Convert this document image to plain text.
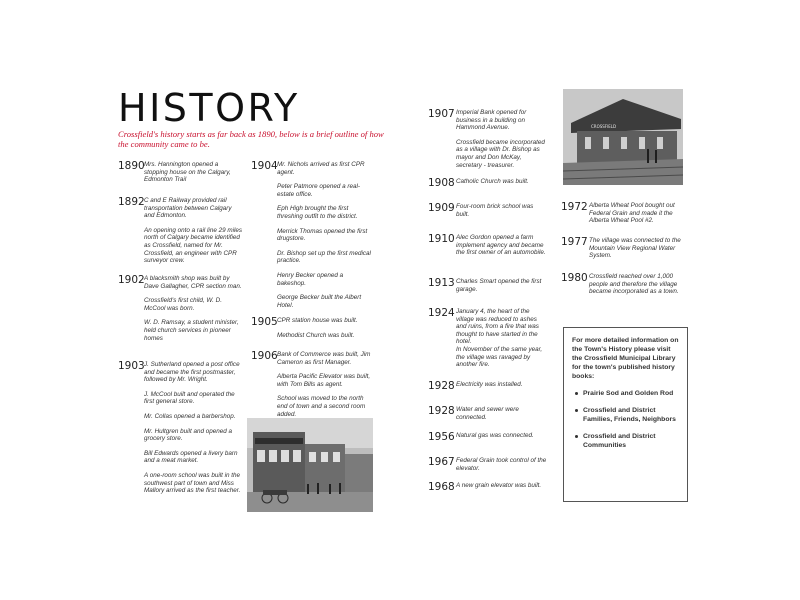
HISTORY
Crossfield's history starts as far back as 1890, below is a brief outline of how the community came to be.
1890 Mrs. Hannington opened a stopping house on the Calgary, Edmonton Trail
1892 C and E Railway provided rail transportation between Calgary and Edmonton.
An opening onto a rail line 29 miles north of Calgary became identified as Crossfield, named for Mr. Crossfield, an engineer with CPR surveyor crew.
1902 A blacksmith shop was built by Dave Gallagher, CPR section man.
Crossfield's first child, W. D. McCool was born.
W. D. Ramsay, a student minister, held church services in pioneer homes
1903 J. Sutherland opened a post office and became the first postmaster, followed by Mr. Wright.
J. McCool built and operated the first general store.
Mr. Collas opened a barbershop.
Mr. Hultgren built and opened a grocery store.
Bill Edwards opened a livery barn and a meat market.
A one-room school was built in the southwest part of town and Miss Mallory arrived as the first teacher.
1904 Mr. Nichols arrived as first CPR agent.
Peter Patmore opened a real-estate office.
Eph High brought the first threshing outfit to the district.
Merrick Thomas opened the first drugstore.
Dr. Bishop set up the first medical practice.
Henry Becker opened a bakeshop.
George Becker built the Albert Hotel.
1905 CPR station house was built.
Methodist Church was built.
1906 Bank of Commerce was built, Jim Cameron as first Manager.
Alberta Pacific Elevator was built, with Tom Bills as agent.
School was moved to the north end of town and a second room added.
1907 Imperial Bank opened for business in a building on Hammond Avenue.
Crossfield became incorporated as a village with Dr. Bishop as mayor and Don McKay, secretary - treasurer.
1908 Catholic Church was built.
1909 Four-room brick school was built.
1910 Alec Gordon opened a farm implement agency and became the first owner of an automobile.
1913 Charles Smart opened the first garage.
1924 January 4, the heart of the village was reduced to ashes and ruins, from a fire that was thought to have started in the hotel.
In November of the same year, the village was ravaged by another fire.
1928 Electricity was installed.
1928 Water and sewer were connected.
1956 Natural gas was connected.
1967 Federal Grain took control of the elevator.
1968 A new grain elevator was built.
CROSSFIELD
1972 Alberta Wheat Pool bought out Federal Grain and made it the Alberta Wheat Pool #2.
1977 The village was connected to the Mountain View Regional Water System.
1980 Crossfield reached over 1,000 people and therefore the village became incorporated as a town.
For more detailed information on the Town's History please visit the Crossfield Municipal Library for the town's published history books:
Prairie Sod and Golden Rod
Crossfield and District Families, Friends, Neighbors
Crossfield and District Communities
